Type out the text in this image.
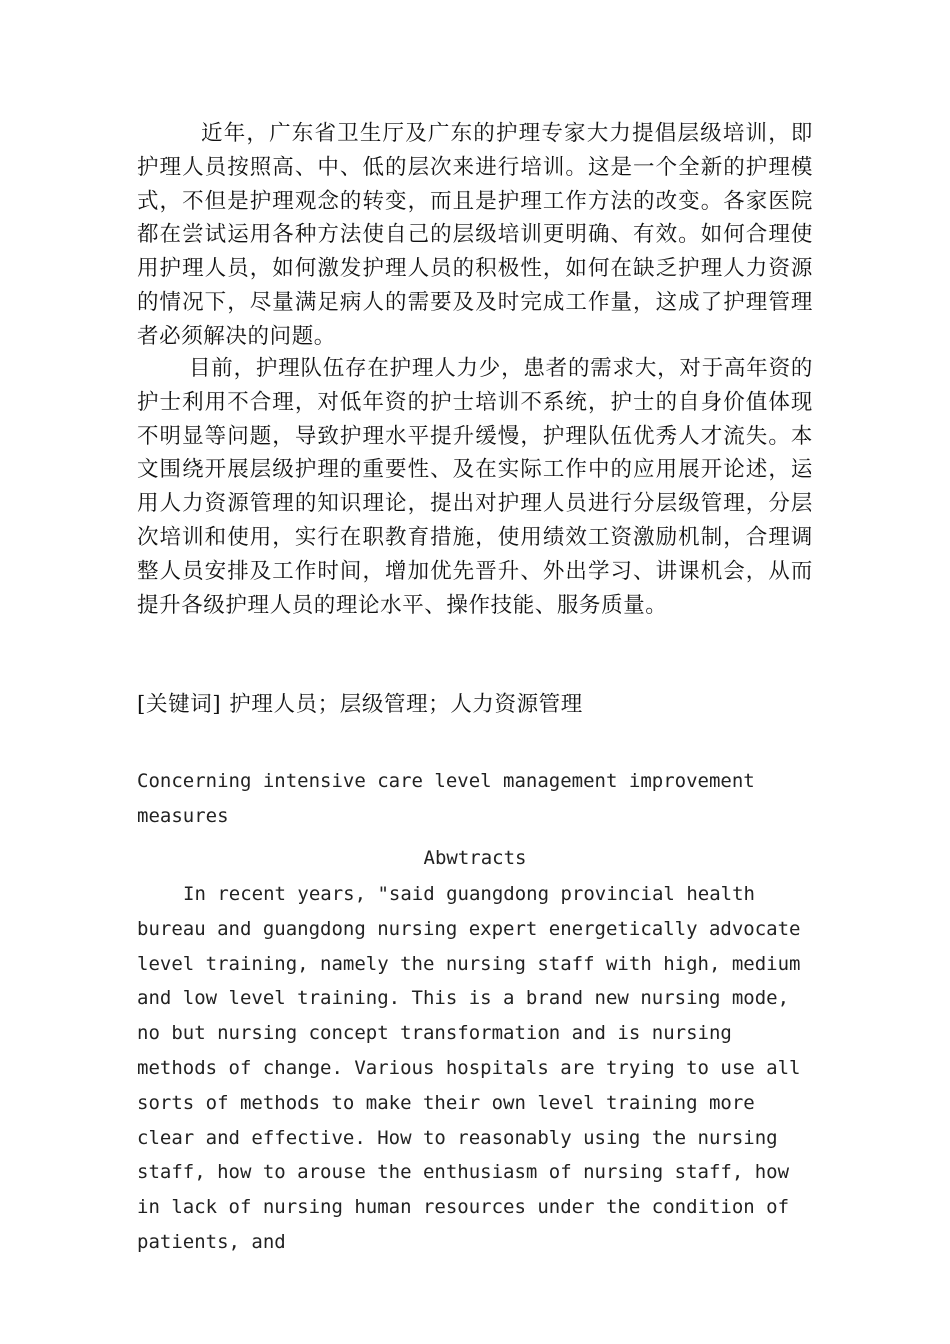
近年，广东省卫生厅及广东的护理专家大力提倡层级培训，即护理人员按照高、中、低的层次来进行培训。这是一个全新的护理模式，不但是护理观念的转变，而且是护理工作方法的改变。各家医院都在尝试运用各种方法使自己的层级培训更明确、有效。如何合理使用护理人员，如何激发护理人员的积极性，如何在缺乏护理人力资源的情况下，尽量满足病人的需要及及时完成工作量，这成了护理管理者必须解决的问题。

目前，护理队伍存在护理人力少，患者的需求大，对于高年资的护士利用不合理，对低年资的护士培训不系统，护士的自身价值体现不明显等问题，导致护理水平提升缓慢，护理队伍优秀人才流失。本文围绕开展层级护理的重要性、及在实际工作中的应用展开论述，运用人力资源管理的知识理论，提出对护理人员进行分层级管理，分层次培训和使用，实行在职教育措施，使用绩效工资激励机制，合理调整人员安排及工作时间，增加优先晋升、外出学习、讲课机会，从而提升各级护理人员的理论水平、操作技能、服务质量。

[关键词] 护理人员；层级管理；人力资源管理

Concerning intensive care level management improvement measures
Abwtracts

In recent years, "said guangdong provincial health bureau and guangdong nursing expert energetically advocate level training, namely the nursing staff with high, medium and low level training. This is a brand new nursing mode, no but nursing concept transformation and is nursing methods of change. Various hospitals are trying to use all sorts of methods to make their own level training more clear and effective. How to reasonably using the nursing staff, how to arouse the enthusiasm of nursing staff, how in lack of nursing human resources under the condition of patients, and
